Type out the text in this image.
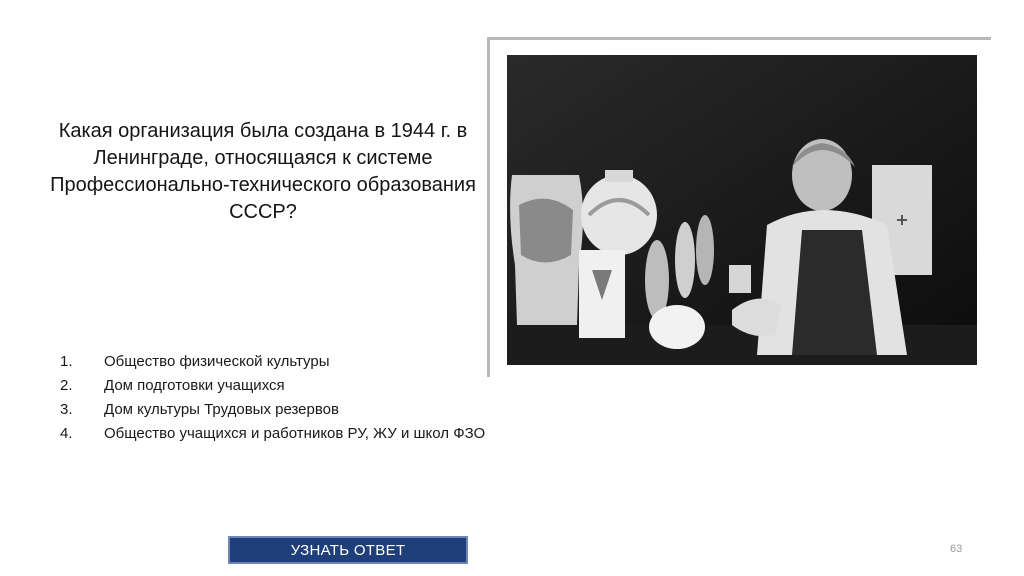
Какая организация была создана в 1944 г. в Ленинграде, относящаяся к системе Профессионально-технического образования СССР?
1.	Общество физической культуры
2.	Дом подготовки учащихся
3.	Дом культуры Трудовых резервов
4.	Общество учащихся и работников РУ, ЖУ и школ ФЗО
УЗНАТЬ ОТВЕТ	63
